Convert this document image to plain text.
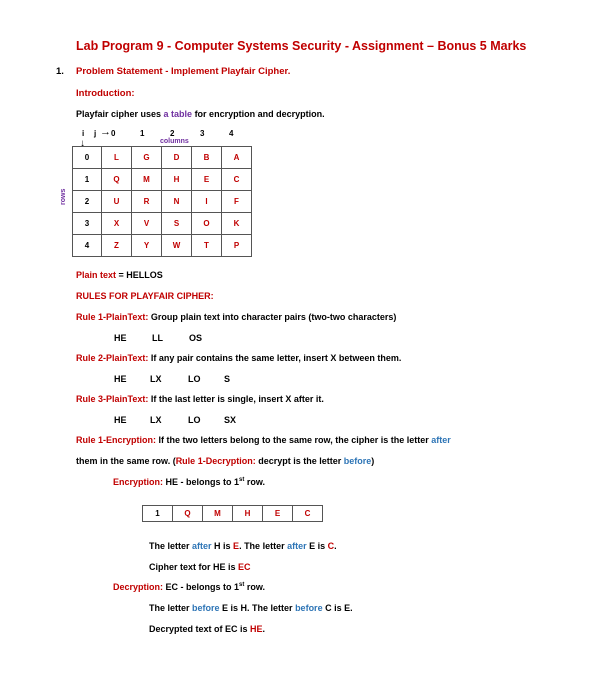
Lab Program 9 - Computer Systems Security - Assignment – Bonus 5 Marks
1. Problem Statement - Implement Playfair Cipher.
Introduction:
Playfair cipher uses a table for encryption and decryption.
i j →
↓
0	1	2	3	4
columns
rows
0	L	G	D	B	A
1	Q	M	H	E	C
2	U	R	N	I	F
3	X	V	S	O	K
4	Z	Y	W	T	P
Plain text = HELLOS
RULES FOR PLAYFAIR CIPHER:
Rule 1-PlainText: Group plain text into character pairs (two-two characters)
HE	LL	OS
Rule 2-PlainText: If any pair contains the same letter, insert X between them.
HE	LX	LO	S
Rule 3-PlainText: If the last letter is single, insert X after it.
HE	LX	LO	SX
Rule 1-Encryption: If the two letters belong to the same row, the cipher is the letter after
them in the same row. (Rule 1-Decryption: decrypt is the letter before)
Encryption: HE - belongs to 1st row.
1	Q	M	H	E	C
The letter after H is E. The letter after E is C.
Cipher text for HE is EC
Decryption: EC - belongs to 1st row.
The letter before E is H. The letter before C is E.
Decrypted text of EC is HE.
